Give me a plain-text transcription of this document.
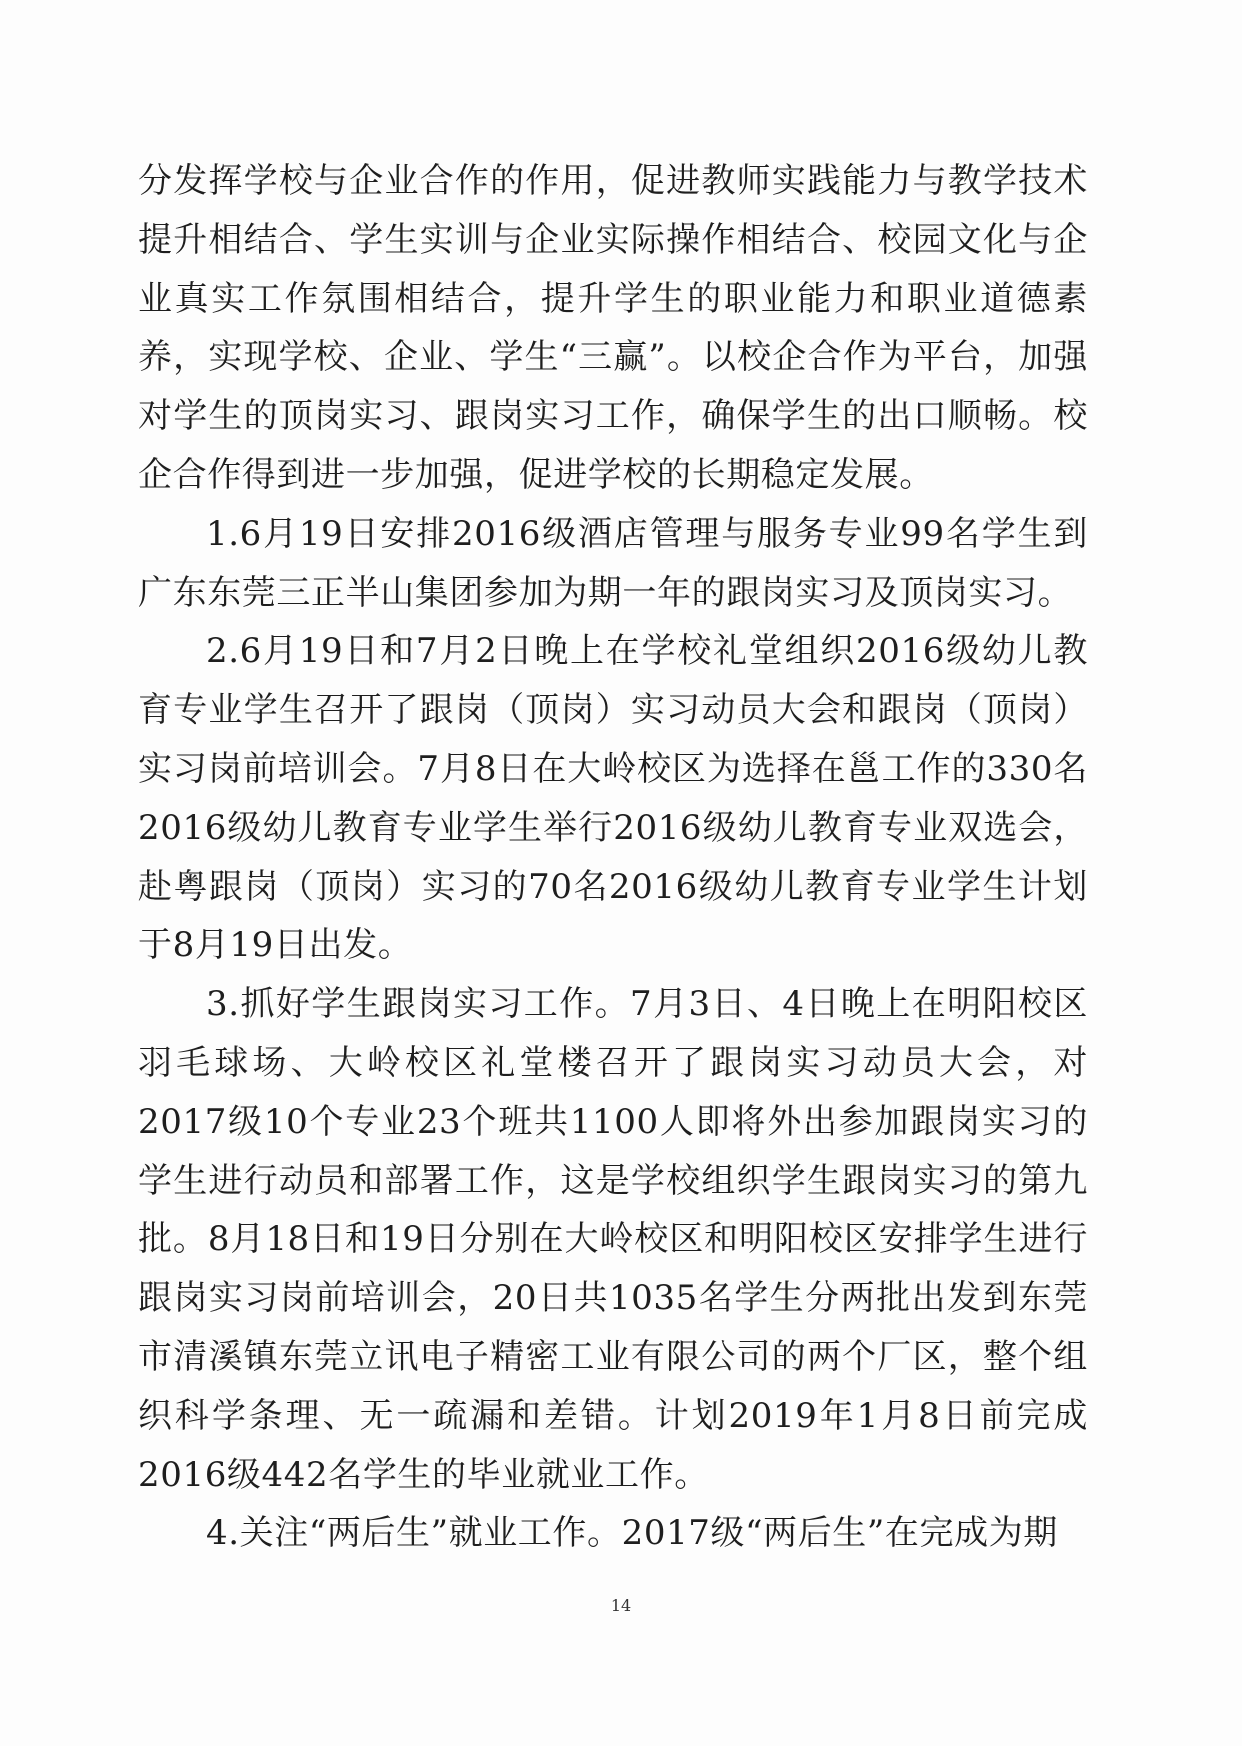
分发挥学校与企业合作的作用，促进教师实践能力与教学技术提升相结合、学生实训与企业实际操作相结合、校园文化与企业真实工作氛围相结合，提升学生的职业能力和职业道德素养，实现学校、企业、学生“三赢”。以校企合作为平台，加强对学生的顶岗实习、跟岗实习工作，确保学生的出口顺畅。校企合作得到进一步加强，促进学校的长期稳定发展。

1.6月19日安排2016级酒店管理与服务专业99名学生到广东东莞三正半山集团参加为期一年的跟岗实习及顶岗实习。

2.6月19日和7月2日晚上在学校礼堂组织2016级幼儿教育专业学生召开了跟岗（顶岗）实习动员大会和跟岗（顶岗）实习岗前培训会。7月8日在大岭校区为选择在邕工作的330名2016级幼儿教育专业学生举行2016级幼儿教育专业双选会，赴粤跟岗（顶岗）实习的70名2016级幼儿教育专业学生计划于8月19日出发。

3.抓好学生跟岗实习工作。7月3日、4日晚上在明阳校区羽毛球场、大岭校区礼堂楼召开了跟岗实习动员大会，对2017级10个专业23个班共1100人即将外出参加跟岗实习的学生进行动员和部署工作，这是学校组织学生跟岗实习的第九批。8月18日和19日分别在大岭校区和明阳校区安排学生进行跟岗实习岗前培训会，20日共1035名学生分两批出发到东莞市清溪镇东莞立讯电子精密工业有限公司的两个厂区，整个组织科学条理、无一疏漏和差错。计划2019年1月8日前完成2016级442名学生的毕业就业工作。

4.关注“两后生”就业工作。2017级“两后生”在完成为期

14
